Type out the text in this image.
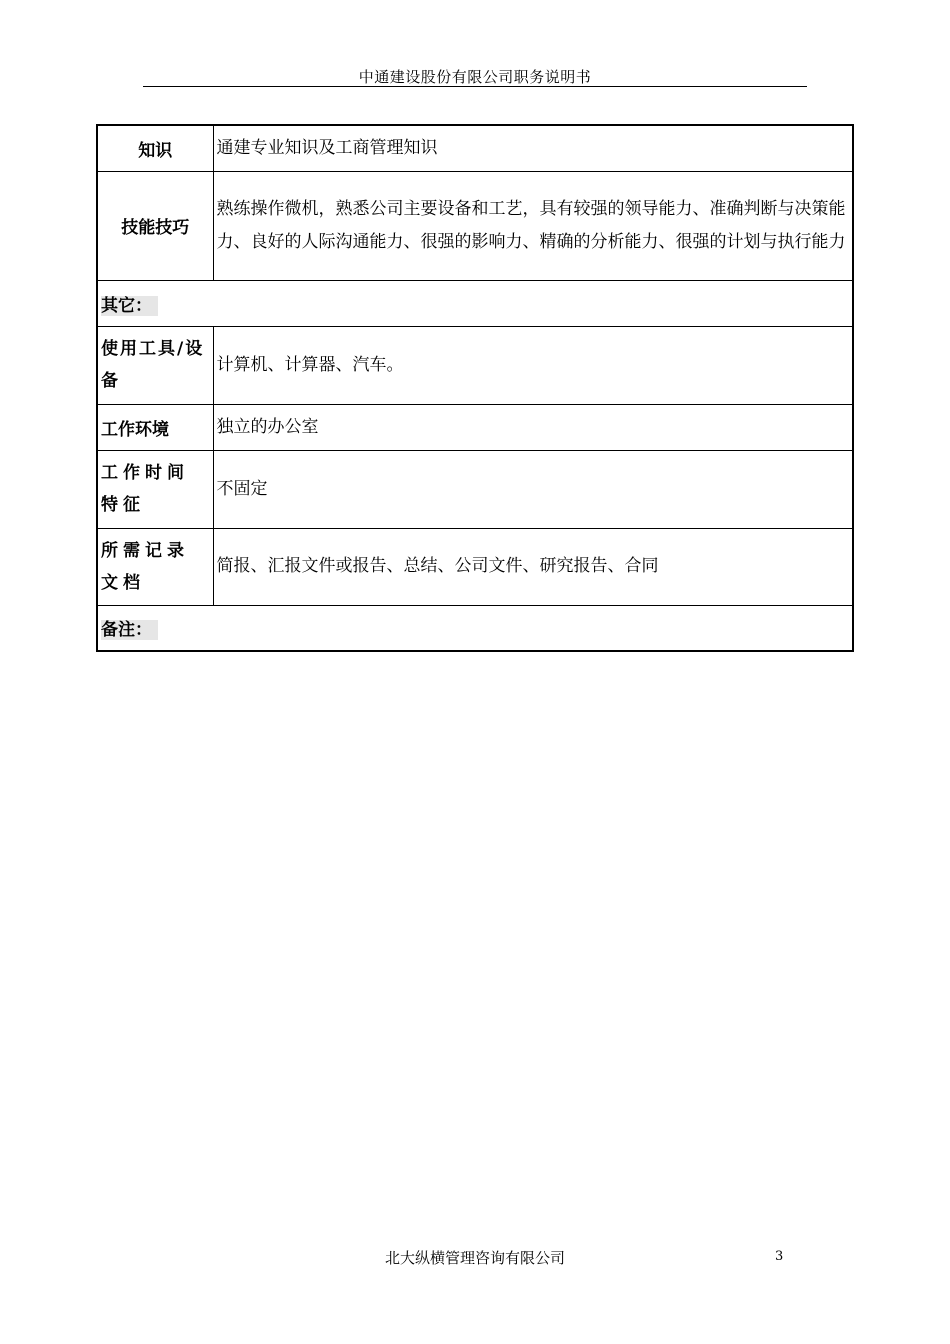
中通建设股份有限公司职务说明书
知识	通建专业知识及工商管理知识
技能技巧	熟练操作微机，熟悉公司主要设备和工艺，具有较强的领导能力、准确判断与决策能力、良好的人际沟通能力、很强的影响力、精确的分析能力、很强的计划与执行能力
其它：	
使用工具/设备	计算机、计算器、汽车。
工作环境	独立的办公室
工作时间特征	不固定
所需记录文档	简报、汇报文件或报告、总结、公司文件、研究报告、合同
备注：	
北大纵横管理咨询有限公司	3
